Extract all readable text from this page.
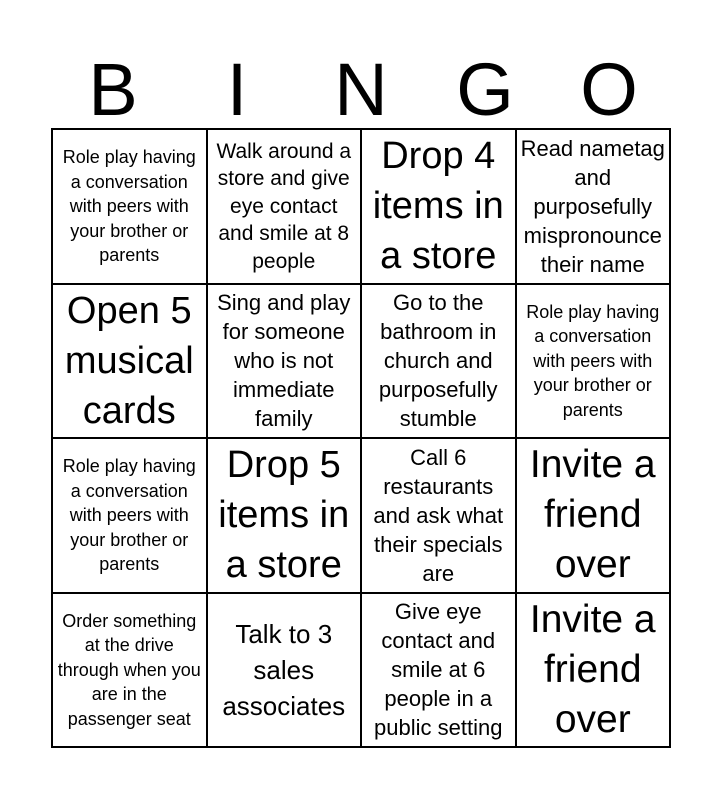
B	I	N G O
Role play having a conversation with peers with your brother or parents
Walk around a store and give eye contact and smile at 8 people
Drop 4 items in a store
Read nametag and purposefully mispronounce their name
Open 5 musical cards
Sing and play for someone who is not immediate family
Go to the bathroom in church and purposefully stumble
Role play having a conversation with peers with your brother or parents
Role play having a conversation with peers with your brother or parents
Drop 5 items in a store
Call 6 restaurants and ask what their specials are
Invite a friend over
Order something at the drive through when you are in the passenger seat
Talk to 3 sales associates
Give eye contact and smile at 6 people in a public setting
Invite a friend over
